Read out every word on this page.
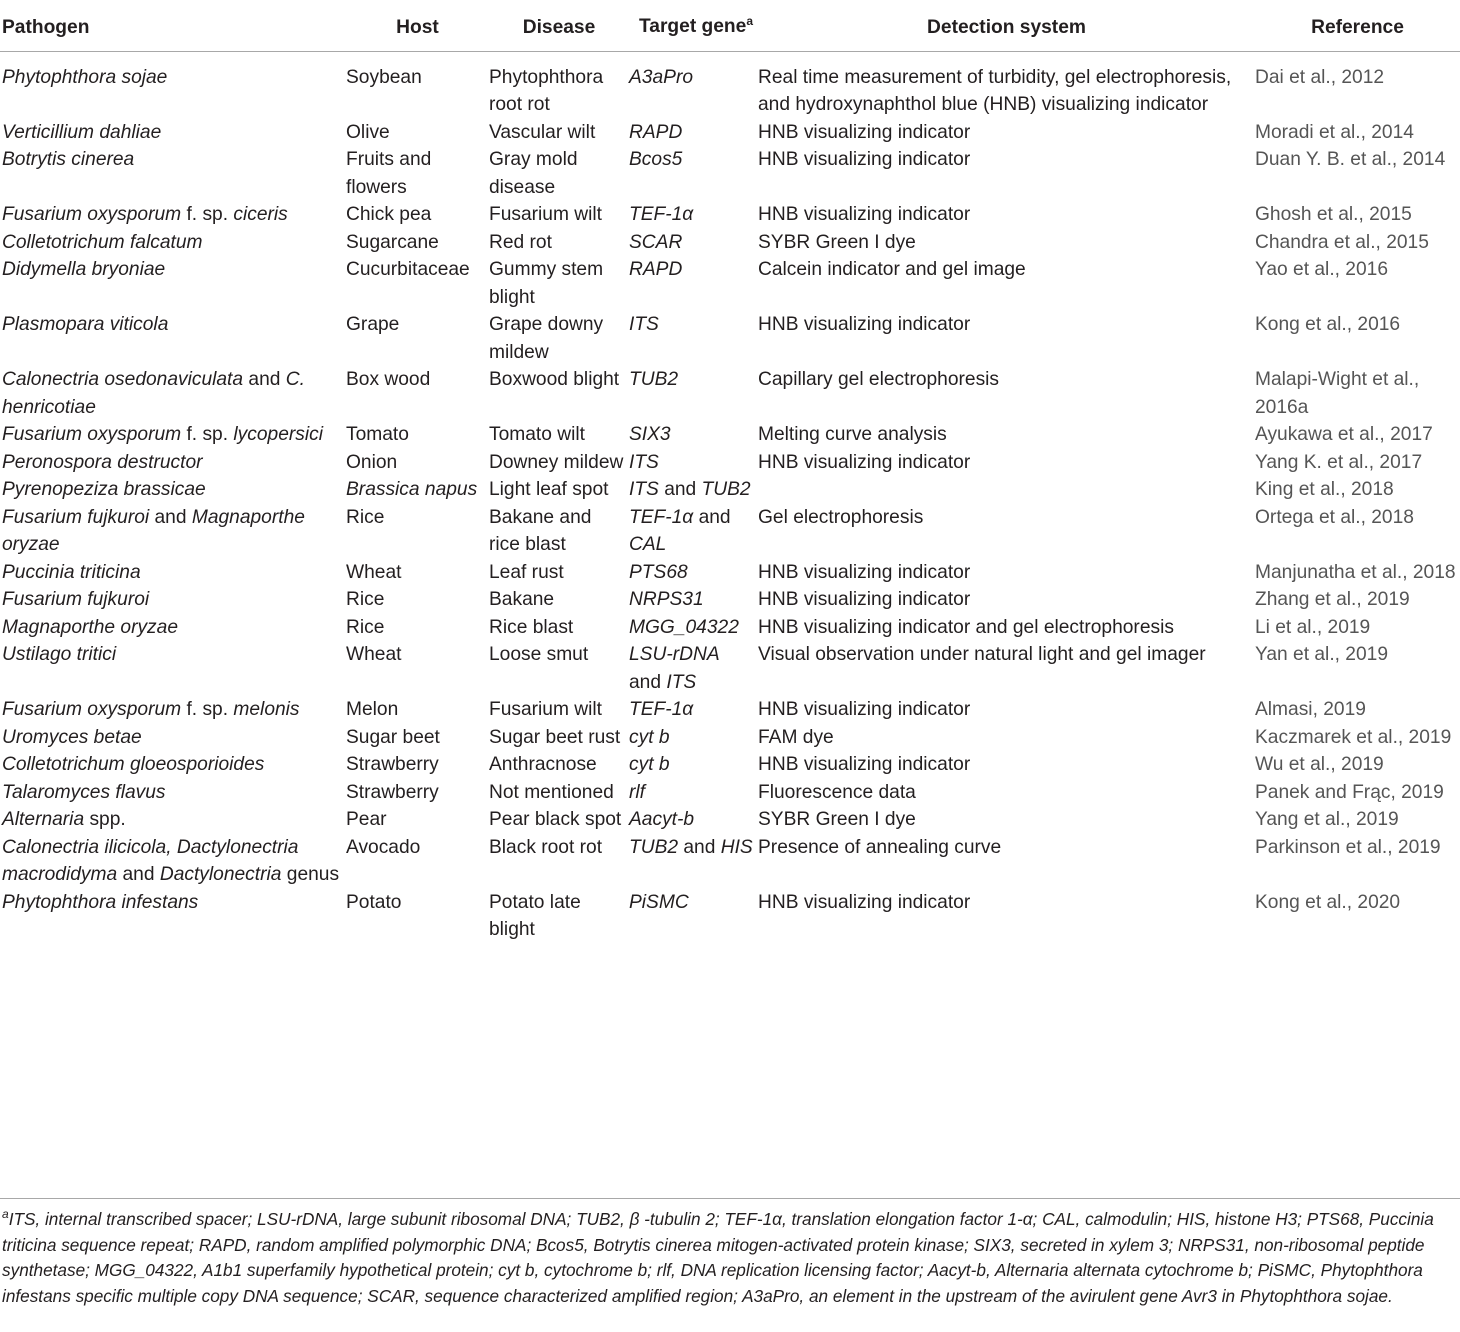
Pathogen	Host	Disease	Target gene$^a$	Detection system	Reference
Phytophthora sojae	Soybean	Phytophthora root rot	A3aPro	Real time measurement of turbidity, gel electrophoresis, and hydroxynaphthol blue (HNB) visualizing indicator	Dai et al., 2012
Verticillium dahliae	Olive	Vascular wilt	RAPD	HNB visualizing indicator	Moradi et al., 2014
Botrytis cinerea	Fruits and flowers	Gray mold disease	Bcos5	HNB visualizing indicator	Duan Y. B. et al., 2014
Fusarium oxysporum f. sp. ciceris	Chick pea	Fusarium wilt	TEF-1α	HNB visualizing indicator	Ghosh et al., 2015
Colletotrichum falcatum	Sugarcane	Red rot	SCAR	SYBR Green I dye	Chandra et al., 2015
Didymella bryoniae	Cucurbitaceae	Gummy stem blight	RAPD	Calcein indicator and gel image	Yao et al., 2016
Plasmopara viticola	Grape	Grape downy mildew	ITS	HNB visualizing indicator	Kong et al., 2016
Calonectria osedonaviculata and C. henricotiae	Box wood	Boxwood blight	TUB2	Capillary gel electrophoresis	Malapi-Wight et al., 2016a
Fusarium oxysporum f. sp. lycopersici	Tomato	Tomato wilt	SIX3	Melting curve analysis	Ayukawa et al., 2017
Peronospora destructor	Onion	Downey mildew	ITS	HNB visualizing indicator	Yang K. et al., 2017
Pyrenopeziza brassicae	Brassica napus	Light leaf spot	ITS and TUB2		King et al., 2018
Fusarium fujkuroi and Magnaporthe oryzae	Rice	Bakane and rice blast	TEF-1α and CAL	Gel electrophoresis	Ortega et al., 2018
Puccinia triticina	Wheat	Leaf rust	PTS68	HNB visualizing indicator	Manjunatha et al., 2018
Fusarium fujkuroi	Rice	Bakane	NRPS31	HNB visualizing indicator	Zhang et al., 2019
Magnaporthe oryzae	Rice	Rice blast	MGG_04322	HNB visualizing indicator and gel electrophoresis	Li et al., 2019
Ustilago tritici	Wheat	Loose smut	LSU-rDNA and ITS	Visual observation under natural light and gel imager	Yan et al., 2019
Fusarium oxysporum f. sp. melonis	Melon	Fusarium wilt	TEF-1α	HNB visualizing indicator	Almasi, 2019
Uromyces betae	Sugar beet	Sugar beet rust	cyt b	FAM dye	Kaczmarek et al., 2019
Colletotrichum gloeosporioides	Strawberry	Anthracnose	cyt b	HNB visualizing indicator	Wu et al., 2019
Talaromyces flavus	Strawberry	Not mentioned	rlf	Fluorescence data	Panek and Frąc, 2019
Alternaria spp.	Pear	Pear black spot	Aacyt-b	SYBR Green I dye	Yang et al., 2019
Calonectria ilicicola, Dactylonectria macrodidyma and Dactylonectria genus	Avocado	Black root rot	TUB2 and HIS	Presence of annealing curve	Parkinson et al., 2019
Phytophthora infestans	Potato	Potato late blight	PiSMC	HNB visualizing indicator	Kong et al., 2020

$^a$ITS, internal transcribed spacer; LSU-rDNA, large subunit ribosomal DNA; TUB2, β -tubulin 2; TEF-1α, translation elongation factor 1-α; CAL, calmodulin; HIS, histone H3; PTS68, Puccinia triticina sequence repeat; RAPD, random amplified polymorphic DNA; Bcos5, Botrytis cinerea mitogen-activated protein kinase; SIX3, secreted in xylem 3; NRPS31, non-ribosomal peptide synthetase; MGG_04322, A1b1 superfamily hypothetical protein; cyt b, cytochrome b; rlf, DNA replication licensing factor; Aacyt-b, Alternaria alternata cytochrome b; PiSMC, Phytophthora infestans specific multiple copy DNA sequence; SCAR, sequence characterized amplified region; A3aPro, an element in the upstream of the avirulent gene Avr3 in Phytophthora sojae.
